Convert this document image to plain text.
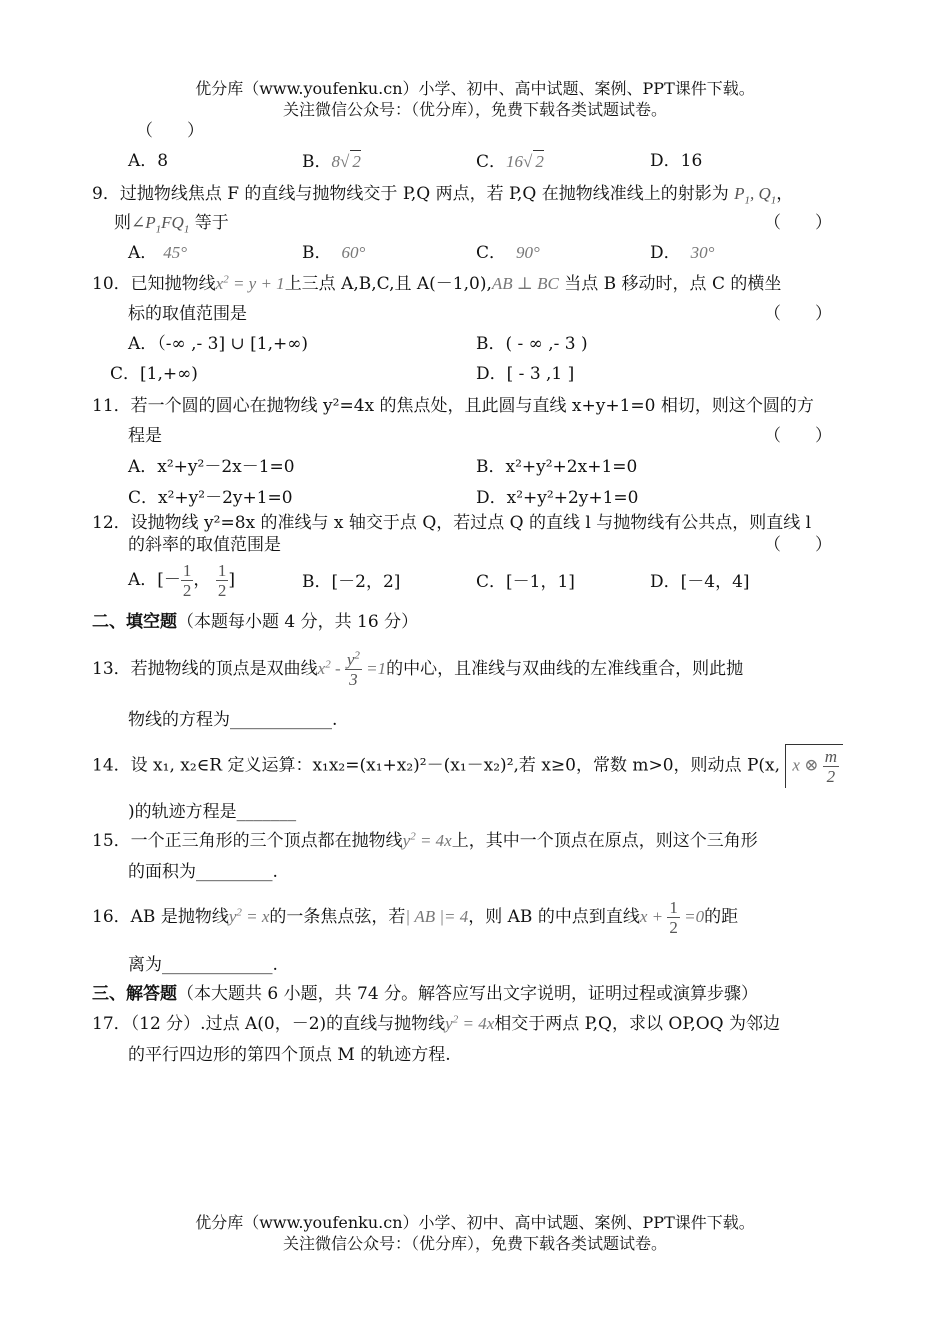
优分库（www.youfenku.cn）小学、初中、高中试题、案例、PPT课件下载。
关注微信公众号：（优分库），免费下载各类试题试卷。
（　　）
A．8	B．8√ 2	C．16√ 2	D．16
9．过抛物线焦点 F 的直线与抛物线交于 P,Q 两点，若 P,Q 在抛物线准线上的射影为 $P_1$, $Q_1$，
则$\angle P_1FQ_1$ 等于	（　　）
A． 45°	B． 60°	C． 90°	D． 30°
10．已知抛物线$x^2 = y + 1$上三点 A,B,C,且 A(－1,0),AB ⊥ BC 当点 B 移动时，点 C 的横坐
标的取值范围是	（　　）
A．（-∞ ,- 3] ∪ [1,+∞)	B．( - ∞ ,- 3 )
C．[1,+∞)	D．[ - 3 ,1 ]
11．若一个圆的圆心在抛物线 y²=4x 的焦点处，且此圆与直线 x+y+1=0 相切，则这个圆的方
程是	（　　）
A．x²+y²－2x－1=0	B．x²+y²+2x+1=0
C．x²+y²－2y+1=0	D．x²+y²+2y+1=0
12．设抛物线 y²=8x 的准线与 x 轴交于点 Q，若过点 Q 的直线 l 与抛物线有公共点，则直线 l
的斜率的取值范围是	（　　）
A．[－ $\frac{1}{2}$ ， $\frac{1}{2}$ ]	B．[－2，2]	C．[－1，1]	D．[－4，4]
二、填空题（本题每小题 4 分，共 16 分）
13．若抛物线的顶点是双曲线$x^2 - \frac{y^2}{3} =1$的中心，且准线与双曲线的左准线重合，则此抛
物线的方程为____________.
14．设 x₁, x₂∈R 定义运算：x₁x₂=(x₁+x₂)²－(x₁－x₂)²,若 x≥0，常数 m>0，则动点 P(x, x ⊗ $\frac{m}{2}$
)的轨迹方程是_______
15．一个正三角形的三个顶点都在抛物线$y^2 = 4x$上，其中一个顶点在原点，则这个三角形
的面积为_________.
16．AB 是抛物线$y^2 = x$的一条焦点弦，若| AB |= 4，则 AB 的中点到直线$x + \frac{1}{2} =0$的距
离为_____________.
三、解答题（本大题共 6 小题，共 74 分。解答应写出文字说明，证明过程或演算步骤）
17．（12 分）.过点 A(0，－2)的直线与抛物线$y^2 = 4x$相交于两点 P,Q，求以 OP,OQ 为邻边
的平行四边形的第四个顶点 M 的轨迹方程.
优分库（www.youfenku.cn）小学、初中、高中试题、案例、PPT课件下载。
关注微信公众号：（优分库），免费下载各类试题试卷。
